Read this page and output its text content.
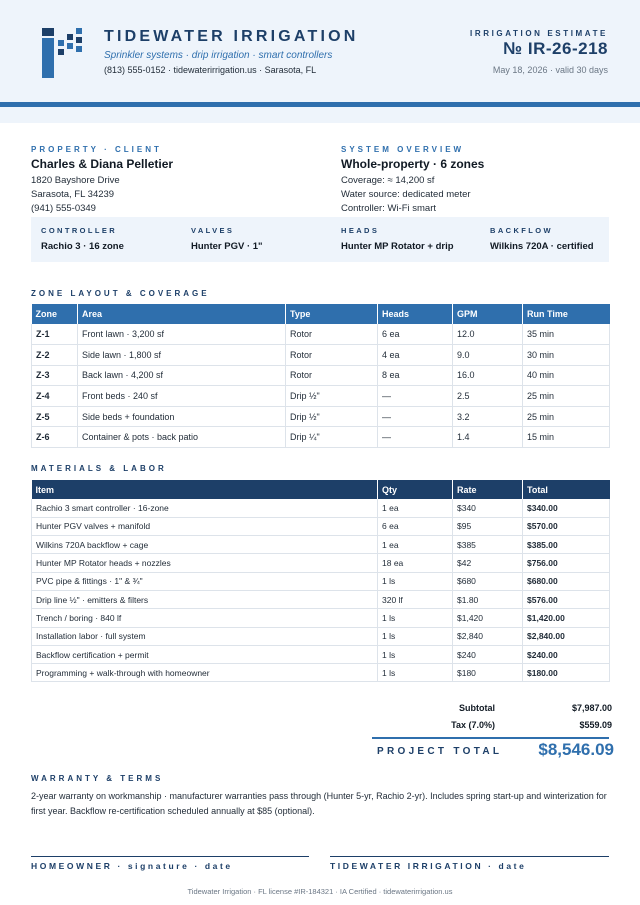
TIDEWATER IRRIGATION
Sprinkler systems · drip irrigation · smart controllers
(813) 555-0152 · tidewaterirrigation.us · Sarasota, FL
IRRIGATION ESTIMATE
№ IR-26-218
May 18, 2026 · valid 30 days
PROPERTY · CLIENT
Charles & Diana Pelletier
1820 Bayshore Drive
Sarasota, FL 34239
(941) 555-0349
SYSTEM OVERVIEW
Whole-property · 6 zones
Coverage: ≈ 14,200 sf
Water source: dedicated meter
Controller: Wi-Fi smart
CONTROLLER
Rachio 3 · 16 zone
VALVES
Hunter PGV · 1"
HEADS
Hunter MP Rotator + drip
BACKFLOW
Wilkins 720A · certified
ZONE LAYOUT & COVERAGE
Zone	Area	Type	Heads	GPM	Run Time
Z-1	Front lawn · 3,200 sf	Rotor	6 ea	12.0	35 min
Z-2	Side lawn · 1,800 sf	Rotor	4 ea	9.0	30 min
Z-3	Back lawn · 4,200 sf	Rotor	8 ea	16.0	40 min
Z-4	Front beds · 240 sf	Drip ½"	—	2.5	25 min
Z-5	Side beds + foundation	Drip ½"	—	3.2	25 min
Z-6	Container & pots · back patio	Drip ¼"	—	1.4	15 min
MATERIALS & LABOR
Item	Qty	Rate	Total
Rachio 3 smart controller · 16-zone	1 ea	$340	$340.00
Hunter PGV valves + manifold	6 ea	$95	$570.00
Wilkins 720A backflow + cage	1 ea	$385	$385.00
Hunter MP Rotator heads + nozzles	18 ea	$42	$756.00
PVC pipe & fittings · 1" & ¾"	1 ls	$680	$680.00
Drip line ½" · emitters & filters	320 lf	$1.80	$576.00
Trench / boring · 840 lf	1 ls	$1,420	$1,420.00
Installation labor · full system	1 ls	$2,840	$2,840.00
Backflow certification + permit	1 ls	$240	$240.00
Programming + walk-through with homeowner	1 ls	$180	$180.00
Subtotal	$7,987.00
Tax (7.0%)	$559.09
PROJECT TOTAL $8,546.09
WARRANTY & TERMS
2-year warranty on workmanship · manufacturer warranties pass through (Hunter 5-yr, Rachio 2-yr). Includes spring start-up and winterization for first year. Backflow re-certification scheduled annually at $85 (optional).
HOMEOWNER · signature · date	TIDEWATER IRRIGATION · date
Tidewater Irrigation · FL license #IR-184321 · IA Certified · tidewaterirrigation.us
